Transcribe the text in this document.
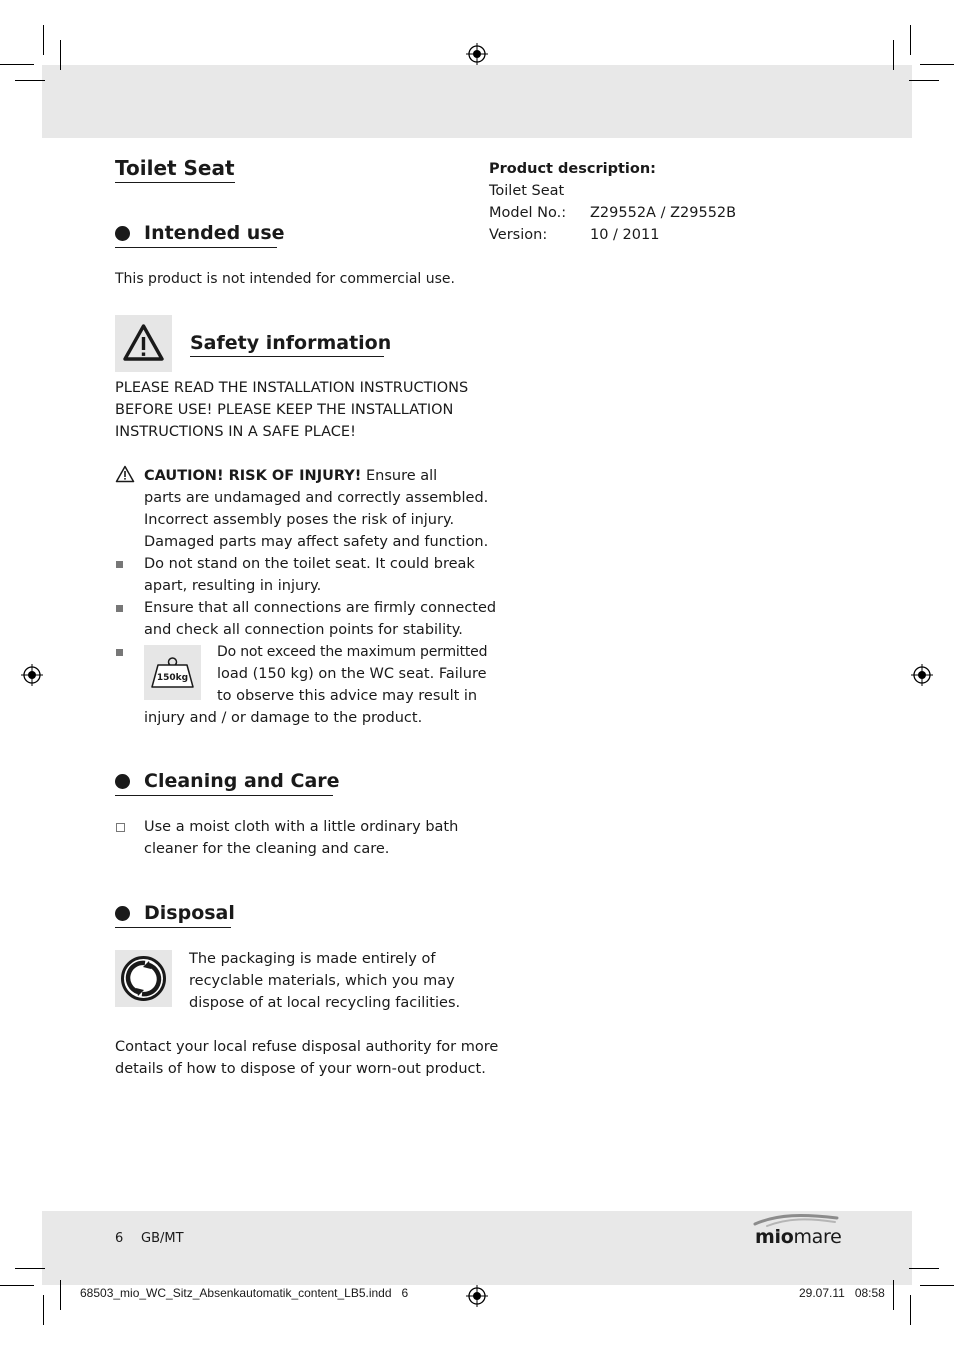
Toilet Seat	Product description:

Toilet Seat

Model No.: Z29552A / Z29552B

Version:	10 / 2011

Intended use

This product is not intended for commercial use.

Safety information

PLEASE READ THE INSTALLATION INSTRUCTIONS

BEFORE USE! PLEASE KEEP THE INSTALLATION

INSTRUCTIONS IN A SAFE PLACE!

CAUTION! RISK OF INJURY! Ensure all

parts are undamaged and correctly assembled.

Incorrect assembly poses the risk of injury.

Damaged parts may affect safety and function.

Do not stand on the toilet seat. It could break

apart, resulting in injury.

Ensure that all connections are firmly connected

and check all connection points for stability.

150kg

Do not exceed the maximum permitted

load (150 kg) on the WC seat. Failure

to observe this advice may result in

injury and / or damage to the product.

Cleaning and Care

Use a moist cloth with a little ordinary bath

cleaner for the cleaning and care.

Disposal

The packaging is made entirely of

recyclable materials, which you may

dispose of at local recycling facilities.

Contact your local refuse disposal authority for more

details of how to dispose of your worn-out product.

6 GB/MT	miomare
68503_mio_WC_Sitz_Absenkautomatik_content_LB5.indd   6	29.07.11   08:58
